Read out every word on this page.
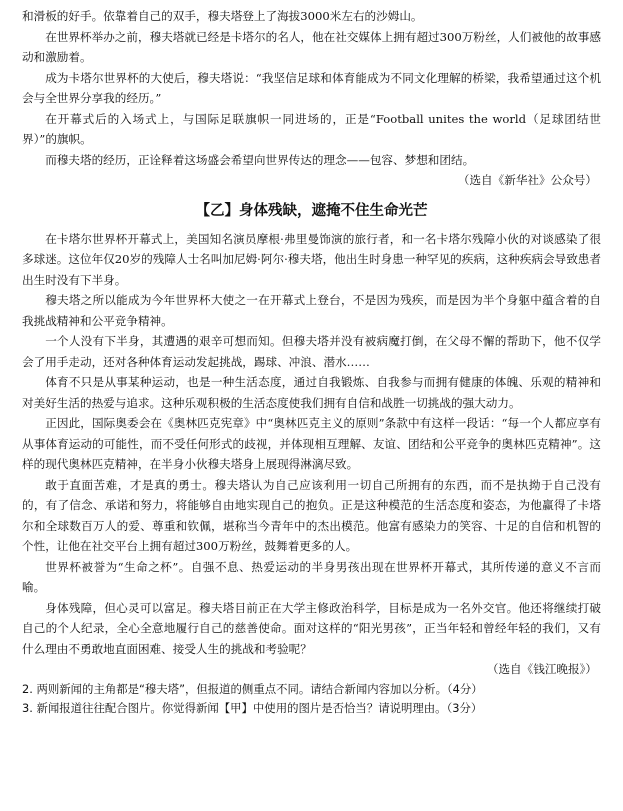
和滑板的好手。依靠着自己的双手，穆夫塔登上了海拔3000米左右的沙姆山。

在世界杯举办之前，穆夫塔就已经是卡塔尔的名人，他在社交媒体上拥有超过300万粉丝，人们被他的故事感动和激励着。

成为卡塔尔世界杯的大使后，穆夫塔说：“我坚信足球和体育能成为不同文化理解的桥梁，我希望通过这个机会与全世界分享我的经历。”

在开幕式后的入场式上，与国际足联旗帜一同进场的，正是“Football unites the world（足球团结世界）”的旗帜。

而穆夫塔的经历，正诠释着这场盛会希望向世界传达的理念——包容、梦想和团结。

（选自《新华社》公众号）

【乙】身体残缺，遮掩不住生命光芒

在卡塔尔世界杯开幕式上，美国知名演员摩根·弗里曼饰演的旅行者，和一名卡塔尔残障小伙的对谈感染了很多球迷。这位年仅20岁的残障人士名叫加尼姆·阿尔·穆夫塔，他出生时身患一种罕见的疾病，这种疾病会导致患者出生时没有下半身。

穆夫塔之所以能成为今年世界杯大使之一在开幕式上登台，不是因为残疾，而是因为半个身躯中蕴含着的自我挑战精神和公平竞争精神。

一个人没有下半身，其遭遇的艰辛可想而知。但穆夫塔并没有被病魔打倒，在父母不懈的帮助下，他不仅学会了用手走动，还对各种体育运动发起挑战，踢球、冲浪、潜水……

体育不只是从事某种运动，也是一种生活态度，通过自我锻炼、自我参与而拥有健康的体魄、乐观的精神和对美好生活的热爱与追求。这种乐观积极的生活态度使我们拥有自信和战胜一切挑战的强大动力。

正因此，国际奥委会在《奥林匹克宪章》中“奥林匹克主义的原则”条款中有这样一段话：“每一个人都应享有从事体育运动的可能性，而不受任何形式的歧视，并体现相互理解、友谊、团结和公平竞争的奥林匹克精神”。这样的现代奥林匹克精神，在半身小伙穆夫塔身上展现得淋漓尽致。

敢于直面苦难，才是真的勇士。穆夫塔认为自己应该利用一切自己所拥有的东西，而不是执拗于自己没有的，有了信念、承诺和努力，将能够自由地实现自己的抱负。正是这种模范的生活态度和姿态，为他赢得了卡塔尔和全球数百万人的爱、尊重和钦佩，堪称当今青年中的杰出模范。他富有感染力的笑容、十足的自信和机智的个性，让他在社交平台上拥有超过300万粉丝，鼓舞着更多的人。

世界杯被誉为“生命之杯”。自强不息、热爱运动的半身男孩出现在世界杯开幕式，其所传递的意义不言而喻。

身体残障，但心灵可以富足。穆夫塔目前正在大学主修政治科学，目标是成为一名外交官。他还将继续打破自己的个人纪录，全心全意地履行自己的慈善使命。面对这样的“阳光男孩”，正当年轻和曾经年轻的我们，又有什么理由不勇敢地直面困难、接受人生的挑战和考验呢？

（选自《钱江晚报》）

2. 两则新闻的主角都是“穆夫塔”，但报道的侧重点不同。请结合新闻内容加以分析。（4分）

3. 新闻报道往往配合图片。你觉得新闻【甲】中使用的图片是否恰当？请说明理由。（3分）
